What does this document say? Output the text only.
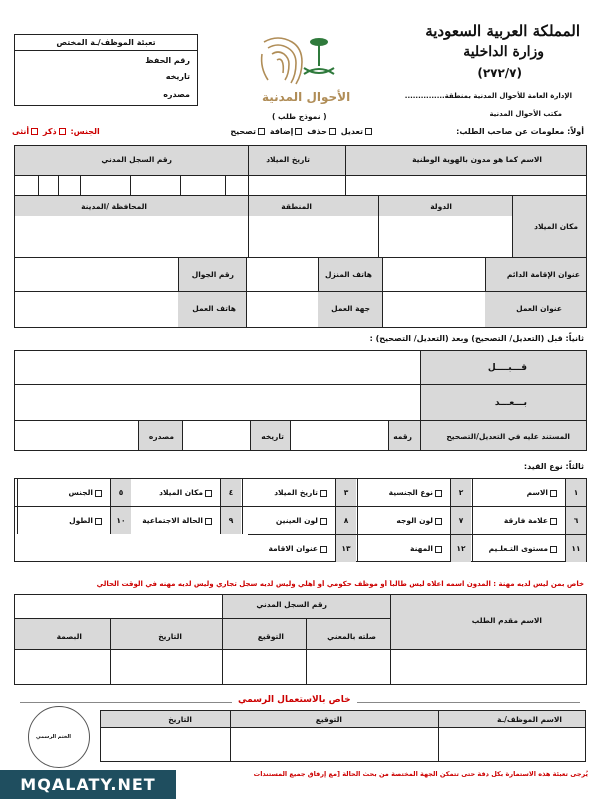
المملكة العربية السعودية
وزارة الداخلية
(٢٧٢/٧)
الإدارة العامة للأحوال المدنية بمنطقة...............
مكتب الأحوال المدنية
الأحوال المدنية
( نموذج طلب )
تعبئة الموظف/ـة المختص
رقم الحفظ
تاريخه
مصدره
أولاً: معلومات عن صاحب الطلب:
تعديل حذف إضافة تصحيح
الجنس: ذكر أنثى
الاسم كما هو مدون بالهوية الوطنية
تاريخ الميلاد
رقم السجل المدني
مكان الميلاد
الدولة
المنطقة
المحافظة /المدينة
عنوان الإقامة الدائم
هاتف المنزل
رقم الجوال
عنوان العمل
جهة العمل
هاتف العمل
ثانياً: قبل (التعديل/ التصحيح) وبعد (التعديل/ التصحيح) :
قـــبــــل
بـــعـــد
المستند عليه في التعديل/التصحيح
رقمه
تاريخه
مصدره
ثالثاً: نوع القيد:
١
الاسم
٢
نوع الجنسية
٣
تاريخ الميلاد
٤
مكان الميلاد
٥
الجنس
٦
علامة فارقة
٧
لون الوجه
٨
لون العينين
٩
الحالة الاجتماعية
١٠
الطول
١١
مستوى التـعلـيم
١٢
المهنة
١٣
عنوان الاقامة
خاص بمن ليس لديه مهنة : المدون اسمه اعلاه ليس طالباً أو موظف حكومي أو أهلي وليس لديه سجل تجاري وليس لديه مهنه في الوقت الحالي
الاسم مقدم الطلب
رقم السجل المدني
صلته بالمعني
التوقيع
التاريخ
البصمة
خاص بالاستعمال الرسمي
الختم الرسمي
الاسم الموظف/ـة
التوقيع
التاريخ
يُرجى تعبئة هذه الاستمارة بكل دقة حتى تتمكن الجهة المختصة من بحث الحالة [مع إرفاق جميع المستندات
MQALATY.NET
